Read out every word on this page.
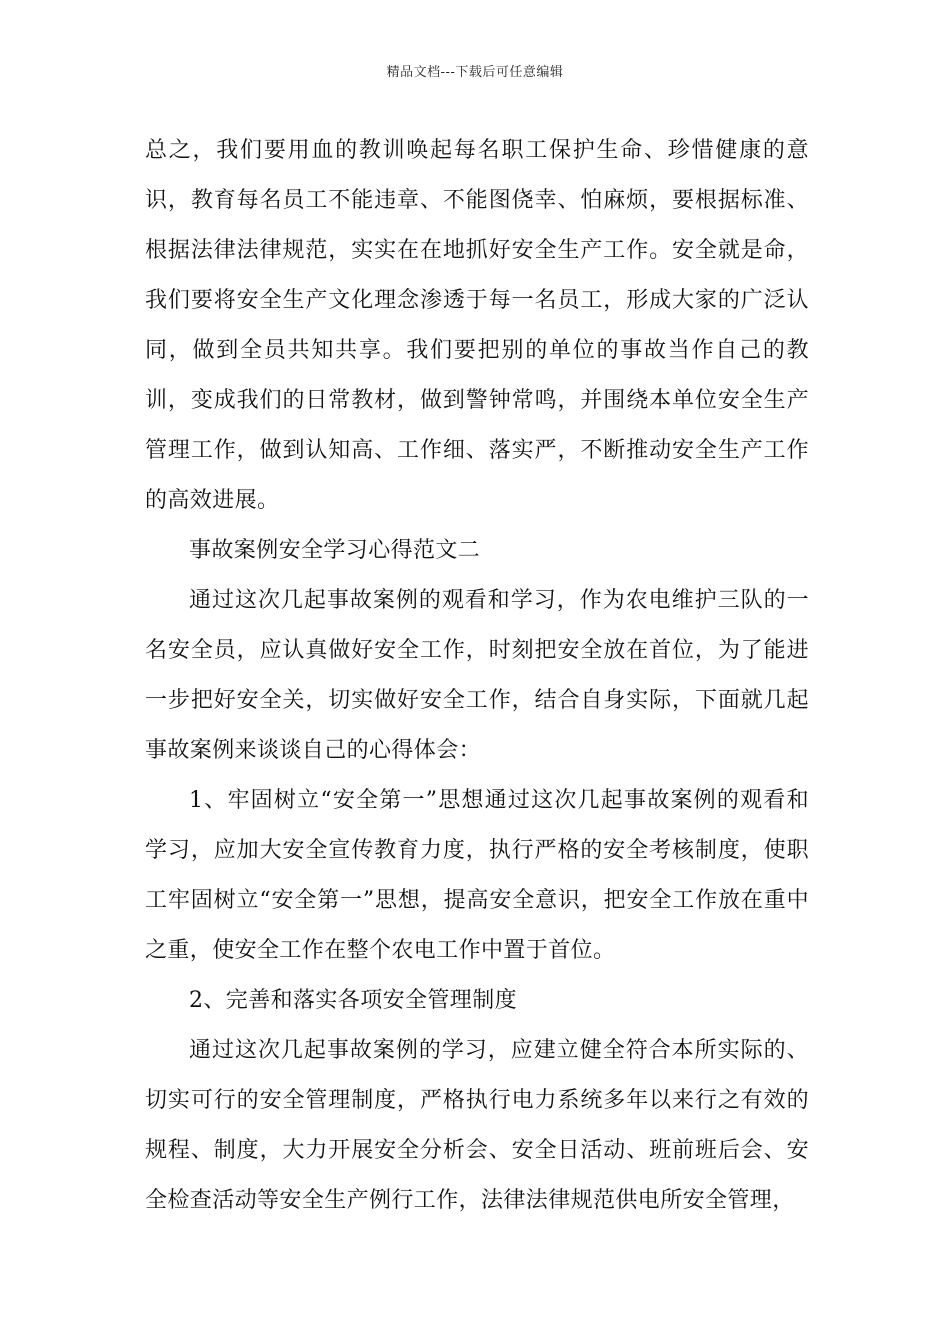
精品文档---下载后可任意编辑

总之，我们要用血的教训唤起每名职工保护生命、珍惜健康的意识，教育每名员工不能违章、不能图侥幸、怕麻烦，要根据标准、根据法律法律规范，实实在在地抓好安全生产工作。安全就是命，我们要将安全生产文化理念渗透于每一名员工，形成大家的广泛认同，做到全员共知共享。我们要把别的单位的事故当作自己的教训，变成我们的日常教材，做到警钟常鸣，并围绕本单位安全生产管理工作，做到认知高、工作细、落实严，不断推动安全生产工作的高效进展。

事故案例安全学习心得范文二

通过这次几起事故案例的观看和学习，作为农电维护三队的一名安全员，应认真做好安全工作，时刻把安全放在首位，为了能进一步把好安全关，切实做好安全工作，结合自身实际，下面就几起事故案例来谈谈自己的心得体会：

1、牢固树立“安全第一”思想通过这次几起事故案例的观看和学习，应加大安全宣传教育力度，执行严格的安全考核制度，使职工牢固树立“安全第一”思想，提高安全意识，把安全工作放在重中之重，使安全工作在整个农电工作中置于首位。

2、完善和落实各项安全管理制度

通过这次几起事故案例的学习，应建立健全符合本所实际的、切实可行的安全管理制度，严格执行电力系统多年以来行之有效的规程、制度，大力开展安全分析会、安全日活动、班前班后会、安全检查活动等安全生产例行工作，法律法律规范供电所安全管理，
